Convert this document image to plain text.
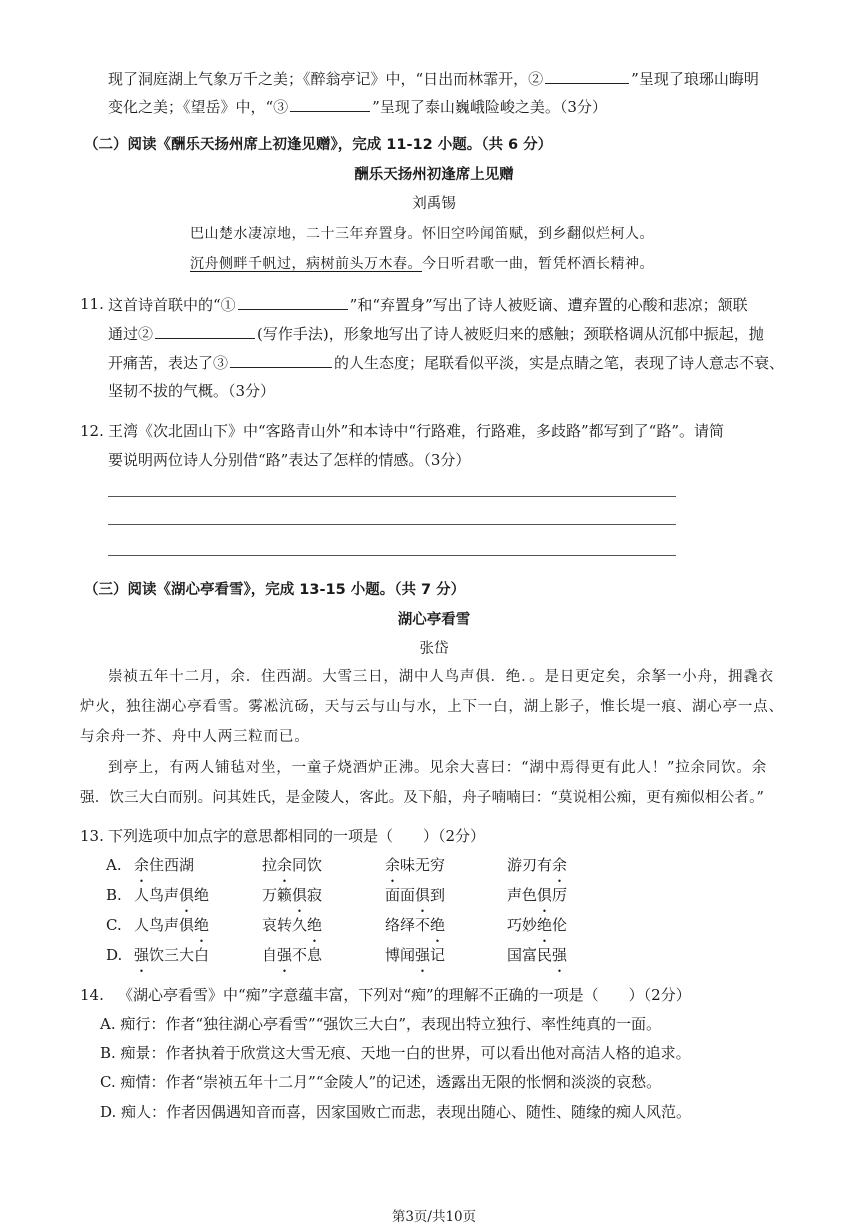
现了洞庭湖上气象万千之美；《醉翁亭记》中，“日出而林霏开，②	”呈现了琅琊山晦明
变化之美；《望岳》中，“③	”呈现了泰山巍峨险峻之美。（3分）
（二）阅读《酬乐天扬州席上初逢见赠》，完成 11-12 小题。（共 6 分）
酬乐天扬州初逢席上见赠
刘禹锡
巴山楚水凄凉地，二十三年弃置身。怀旧空吟闻笛赋，到乡翻似烂柯人。
沉舟侧畔千帆过，病树前头万木春。今日听君歌一曲，暂凭杯酒长精神。
11. 这首诗首联中的“①	”和“弃置身”写出了诗人被贬谪、遭弃置的心酸和悲凉；颔联
通过②	(写作手法)，形象地写出了诗人被贬归来的感触；颈联格调从沉郁中振起，抛
开痛苦，表达了③	的人生态度；尾联看似平淡，实是点睛之笔，表现了诗人意志不衰、
坚韧不拔的气概。（3分）
12. 王湾《次北固山下》中“客路青山外”和本诗中“行路难，行路难，多歧路”都写到了“路”。请简
要说明两位诗人分别借“路”表达了怎样的情感。（3分）
（三）阅读《湖心亭看雪》，完成 13-15 小题。（共 7 分）
湖心亭看雪
张岱
崇祯五年十二月，余．住西湖。大雪三日，湖中人鸟声俱．绝．。是日更定矣，余拏一小舟，拥毳衣
炉火，独往湖心亭看雪。雾凇沆砀，天与云与山与水，上下一白，湖上影子，惟长堤一痕、湖心亭一点、
与余舟一芥、舟中人两三粒而已。
到亭上，有两人铺毡对坐，一童子烧酒炉正沸。见余大喜曰：“湖中焉得更有此人！”拉余同饮。余
强．饮三大白而别。问其姓氏，是金陵人，客此。及下船，舟子喃喃曰：“莫说相公痴，更有痴似相公者。”
13. 下列选项中加点字的意思都相同的一项是（　　）（2分）
A. 余住西湖	拉余同饮	余味无穷	游刃有余
B. 人鸟声俱绝	万籁俱寂	面面俱到	声色俱厉
C. 人鸟声俱绝	哀转久绝	络绎不绝	巧妙绝伦
D. 强饮三大白	自强不息	博闻强记	国富民强
14. 《湖心亭看雪》中“痴”字意蕴丰富，下列对“痴”的理解不正确的一项是（　　）（2分）
A. 痴行：作者“独往湖心亭看雪”“强饮三大白”，表现出特立独行、率性纯真的一面。
B. 痴景：作者执着于欣赏这大雪无痕、天地一白的世界，可以看出他对高洁人格的追求。
C. 痴情：作者“崇祯五年十二月”“金陵人”的记述，透露出无限的怅惘和淡淡的哀愁。
D. 痴人：作者因偶遇知音而喜，因家国败亡而悲，表现出随心、随性、随缘的痴人风范。
第3页/共10页
